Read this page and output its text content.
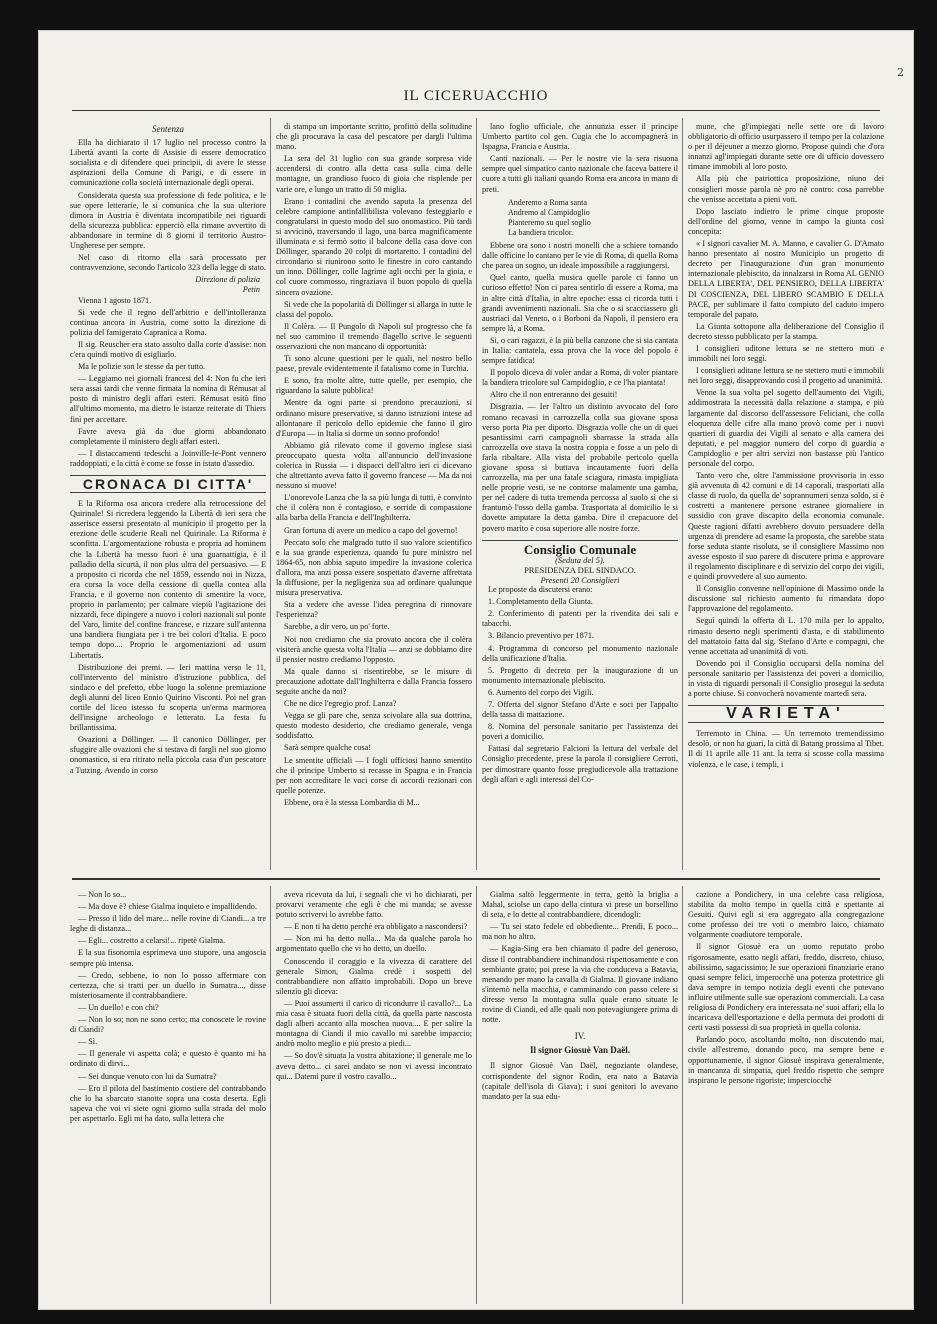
2
IL CICERUACCHIO
Sentenza

Ella ha dichiarato il 17 luglio nel processo contro la Libertà avanti la corte di Assisie di essere democratico socialista e di difendere quei principii, di avere le stesse aspirazioni della Comune di Parigi, e di essere in comunicazione colla società internazionale degli operai.

Considerata questa sua professione di fede politica, e le sue opere letterarie, le si comunica che la sua ulteriore dimora in Austria è diventata incompatibile nei riguardi della sicurezza pubblica: epperciò ella rimane avvertito di abbandonare in termine di 8 giorni il territorio Austro-Ungherese per sempre.

Nel caso di ritorno ella sarà processato per contravvenzione, secondo l'articolo 323 della legge di stato.

Direzione di polizia
Petin

Vienna 1 agosto 1871.

Si vede che il regno dell'arbitrio e dell'intolleranza continua ancora in Austria, come sotto la direzione di polizia del famigerato Capranica a Roma.

Il sig. Reuscher era stato assolto dalla corte d'assise: non c'era quindi motivo di esigliarlo.

Ma le polizie son le stesse da per tutto.

— Leggiamo nei giornali francesi del 4: Non fu che ieri sera assai tardi che venne firmata la nomina di Rémusat al posto di ministro degli affari esteri. Rémusat esitò fino all'ultimo momento, ma dietro le istanze reiterate di Thiers finì per accettare.

Favre aveva già da due giorni abbandonato completamente il ministero degli affari esteri.

— I distaccamenti tedeschi a Joinville-le-Pont vennero raddoppiati, e la città è come se fosse in istato d'assedio.

CRONACA DI CITTA'

E la Riforma osa ancora credere alla retrocessione del Quirinale! Si ricredera leggendo la Libertà di ieri sera che asserisce essersi presentato al municipio il progetto per la erezione delle scuderie Reali nel Quirinale. La Riforma è sconfitta. L'argomentazione robusta e propria ad hominem che la Libertà ha messo fuori è una guarnattigia, è il palladio della sicurtà, il non plus ultra del persuasivo. — E a proposito ci ricorda che nel 1859, essendo noi in Nizza, era corsa la voce della cessione di quella contea alla Francia, e il governo non contento di smentire la voce, proprio in parlamento; per calmare viepiù l'agitazione dei nizzardi, fece dipingere a nuovo i colori nazionali sul ponte del Varo, limite del confine francese, e rizzare sull'antenna una bandiera fiungiata per i tre bei colori d'Italia. E poco tempo dopo.... Proprio le argomentazioni ad usum Libertatis.

Distribuzione dei premi. — Ieri mattina verso le 11, coll'intervento del ministro d'istruzione pubblica, del sindaco e del prefetto, ebbe luogo la solenne premiazione degli alunni del liceo Ennio Quirino Visconti. Poi nel gran cortile del liceo istesso fu scoperta un'erma marmorea dell'insigne archeologo e letterato. La festa fu brillantissima.

Ovazioni a Döllinger. — Il canonico Döllinger, per sfuggire alle ovazioni che si testava di fargli nel suo giorno onomastico, si era ritirato nella piccola casa d'un pescatore a Tutzing. Avendo in corso

di stampa un importante scritto, profittò della solitudine che gli procurava la casa del pescatore per dargli l'ultima mano.

La sera del 31 luglio con sua grande sorpresa vide accendersi di contro alla detta casa sulla cima delle montagne, un grandioso fuoco di gioia che risplende per varie ore, e lungo un tratto di 50 miglia.

Erano i contadini che avendo saputa la presenza del celebre campione antinfallibilista volevano festeggiarlo e congratularsi in questo modo del suo onomastico. Più tardi si avvicinò, traversando il lago, una barca magnificamente illuminata e si fermò sotto il balcone della casa dove con Döllinger, sparando 20 colpi di mortaretto. I contadini del circondario si riunirono sotto le finestre in coro cantando un inno. Döllinger, colle lagrime agli occhi per la gioia, e col cuore commosso, ringraziava il buon popolo di quella sincera ovazione.

Si vede che la popolarità di Döllinger si allarga in tutte le classi del popolo.

Il Colèra. — Il Pungolo di Napoli sul progresso che fa nel suo cammino il tremendo flagello scrive le seguenti osservazioni che non mancano di opportunità:

Ti sono alcune questioni per le quali, nel nostro bello paese, prevale evidentemente il fatalismo come in Turchia.

E sono, fra molte altre, tutte quelle, per esempio, che riguardano la salute pubblica!

Mentre da ogni parte si prendono precauzioni, si ordinano misure preservative, si danno istruzioni intese ad allontanare il pericolo dello epidemie che fanno il giro d'Europa — in Italia si dorme un sonno profondo!

Abbiamo già rilevato come il governo inglese siasi preoccupato questa volta all'annuncio dell'invasione colerica in Russia — i dispacci dell'altro ieri ci dicevano che altrettanto aveva fatto il governo francese — Ma da noi nessuno si muove!

L'onorevole Lanza che la sa più lunga di tutti, è convinto che il colèra non è contagioso, e sorride di compassione alla barba della Francia e dell'Inghilterra.

Gran fortuna di avere un medico a capo del governo!

Peccato solo che malgrado tutto il suo valore scientifico e la sua grande esperienza, quando fu pure ministro nel 1864-65, non abbia saputo impedire la invasione colerica d'allora, ma anzi possa essere sospettato d'averne affrettata la diffusione, per la negligenza sua ad ordinare qualunque misura preservativa.

Sta a vedere che avesse l'idea peregrina di rinnovare l'esperienza?

Sarebbe, a dir vero, un po' forte.

Noi non crediamo che sia provato ancora che il colèra visiterà anche questa volta l'Italia — anzi se dobbiamo dire il pensier nostro crediamo l'opposto.

Ma quale danno si risentirebbe, se le misure di precauzione adottate dall'Inghilterra e dalla Francia fossero seguite anche da noi?

Che ne dice l'egregio prof. Lanza?

Vegga se gli pare che, senza scivolare alla sua dottrina, questo modesto desiderio, che crediamo generale, venga soddisfatto.

Sarà sempre qualche cosa!

Le smentite ufficiali — I fogli ufficiosi hanno smentito che il principe Umberto si recasse in Spagna e in Francia per non accreditare le voci corse di accordi rezionari con quelle potenze.

Ebbene, ora è la stessa Lombardia di M...

lano foglio ufficiale, che annunzia esser il principe Umberto partito col gen. Cugia che lo accompagnerà in Ispagna, Francia e Austria.

Canti nazionali. — Per le nostre vie la sera risuona sempre quel simpatico canto nazionale che faceva battere il cuore a tutti gli italiani quando Roma era ancora in mano di preti.

Anderemo a Roma santa
Andremo al Campidoglio
Pianteremo su quel soglio
La bandiera tricolor.

Ebbene ora sono i nostri monelli che a schiere tornando dalle officine lo cantano per le vie di Roma, di quella Roma che parea un sogno, un ideale impossibile a raggiungersi.

Quel canto, quella musica quelle parole ci fanno un curioso effetto! Non ci parea sentirlo di essere a Roma, ma in altre città d'Italia, in altre epoche: essa ci ricorda tutti i grandi avvenimenti nazionali. Sia che o si scacciassero gli austriaci dal Veneto, o i Borboni da Napoli, il pensiero era sempre là, a Roma.

Si, o cari ragazzi, è la più bella canzone che si sia cantata in Italia: cantatela, essa prova che la voce del popolo è sempre fatidica!

Il popolo diceva di voler andar a Roma, di voler piantare la bandiera tricolore sul Campidoglio, e ce l'ha piantata!

Altro che il non entreranno dei gesuiti!

Disgrazia. — Ier l'altro un distinto avvocato del foro romano recavasi in carrozzella colla sua giovane sposa verso porta Pia per diporto. Disgrazia volle che un di quei pesantissimi carri campagnoli sbarrasse la strada alla carrozzella ove stava la nostra coppia e fosse a un pelo di farla ribaltare. Alla vista del probabile pericolo quella giovane sposa si buttava incautamente fuori della carrozzella, ma per una fatale sciagura, rimasta impigliata nelle proprie vesti, se ne contorse malamente una gamba, per nel cadere di tutta tremenda percossa al suolo sì che si frantumò l'osso della gamba. Trasportata al domicilio le si dovette amputare la detta gamba. Dire il crepacuore del povero marito è cosa superiore alle nostre forze.

Consiglio Comunale
(Seduta del 5).
PRESIDENZA DEL SINDACO.
Presenti 20 Consiglieri

Le proposte da discutersi erano:

1. Completamento della Giunta.

2. Conferimento di patenti per la rivendita dei sali e tabacchi.

3. Bilancio preventivo per 1871.

4. Programma di concorso pel monumento nazionale della unificazione d'Italia.

5. Progetto di decreto per la inaugurazione di un monumento internazionale plebiscito.

6. Aumento del corpo dei Vigili.

7. Offerta del signor Stefano d'Arte e soci per l'appalto della tassa di mattazione.

8. Nomina del personale sanitario per l'assistenza dei poveri a domicilio.

Fattasi dal segretario Falcioni la lettura del verbale del Consiglio precedente, prese la parola il consigliere Cerroti, per dimostrare quanto fosse pregiudicevole alla trattazione degli affari e agli interessi del Co-

mune, che gl'impiegati nelle sette ore di lavoro obbligatorio di officio usurpassero il tempo per la colazione o per il déjeuner a mezzo giorno. Propose quindi che d'ora innanzi agl'impiegati durante sette ore di ufficio dovessero rimane immobili al loro posto.

Alla più che patriottica proposizione, niuno dei consiglieri mosse parola nè pro nè contro: cosa parrebbe che venisse accettata a pieni voti.

Dopo lasciato indietro le prime cinque proposte dell'ordine del giorno, venne in campo la giunta così concepita:

« I signori cavalier M. A. Manno, e cavalier G. D'Amato hanno presentato al nostro Municipio un progetto di decreto per l'inaugurazione d'un gran monumento internazionale plebiscito, da innalzarsi in Roma AL GENIO DELLA LIBERTA', DEL PENSIERO, DELLA LIBERTA' DI COSCIENZA, DEL LIBERO SCAMBIO E DELLA PACE, per sublimare il fatto compiuto del caduto impero temporale del papato.

La Giunta sottopone alla deliberazione del Consiglio il decreto stesso pubblicato per la stampa.

I consiglieri uditone lettura se ne stettero muti e immobili nei loro seggi.

I consiglieri aditane lettura se ne stettero muti e immobili nei loro seggi, disapprovando così il progetto ad unanimità.

Venne la sua volta pel sogetto dell'aumento dei Vigili, addimostrata la necessità dalla relazione a stampa, e più largamente dal discorso dell'assessore Feliciani, che colla eloquenza delle cifre alla mano provò come per i nuovi quartieri di guardia dei Vigili al senato e alla camera dei deputati, e pel maggior numero del corpo di guardia a Campidoglio e per altri servizi non bastasse più l'antico personale del corpo.

Tanto vero che, oltre l'ammissione provvisoria in esso già avvenuta di 42 comuni e di 14 caporali, trasportati alla classe di ruolo, da quella de' soprannumeri senza soldo, si è costretti a mantenere persone estranee giornaliere in sussidio con grave discapito della economia comunale. Queste ragioni difatti avrebbero dovuto persuadere della urgenza di prendere ad esame la proposta, che sarebbe stata forse seduta stante risoluta, se il consigliere Massimo non avesse esposto il suo parere di discutere prima e approvare il regolamento disciplinare e di servizio del corpo dei vigili, e quindi provvedere al suo aumento.

Il Consiglio convenne nell'opinione di Massimo onde la discussione sul richiesto aumento fu rimandata dopo l'approvazione del regolamento.

Seguì quindi la offerta di L. 170 mila per lo appalto, rimasto deserto negli sperimenti d'asta, e di stabilimento del mattatoio fatta dal sig. Stefano d'Arte e compagni, che venne accettata ad unanimità di voti.

Dovendo poi il Consiglio occuparsi della nomina del personale sanitario per l'assistenza dei poveri a domicilio, in vista di riguardi personali il Consiglio prosegui la seduta a porte chiuse. Si convocherà novamente martedì sera.

VARIETA'

Terremoto in China. — Un terremoto tremendissimo desolò, or non ha guari, la città di Batang prossima al Tibet. Il di 11 aprile alle 11 ant. la terra si scosse colla massima violenza, e le case, i templi, i

— Non lo so...

— Ma dove è? chiese Gialma inquieto e impallidendo.

— Presso il lido del mare... nelle rovine di Ciandi... a tre leghe di distanza...

— Egli... costretto a celarsi!... ripetè Gialma.

E la sua fisonomia esprimeva uno stupore, una angoscia sempre più intensa.

— Credo, sebbene, io non lo posso affermare con certezza, che si tratti per un duello in Sumatra..., disse misteriosamente il contrabbandiere.

— Un duello! e con chi?

— Non lo so; non ne sono certo; ma conoscete le rovine di Ciandi?

— Sì.

— Il generale vi aspetta colà; e questo è quanto mi ha ordinato di dirvi...

— Sei dunque venuto con lui da Sumatra?

— Ero il pilota del bastimento costiere del contrabbando che lo ha sbarcato stanotte sopra una costa deserta. Egli sapeva che voi vi siete ogni giorno sulla strada del molo per aspettarlo. Egli mi ha dato, sulla lettera che

aveva ricevuta da lui, i segnali che vi ho dichiarati, per provarvi veramente che egli è che mi manda; se avesse potuto scrivervi lo avrebbe fatto.

— E non ti ha detto perchè era obbligato a nascondersi?

— Non mi ha detto nulla... Ma da qualche parola ho argomentato quello che vi ho detto, un duello.

Conoscendo il coraggio e la vivezza di carattere del generale Simon, Gialma credè i sospetti del contrabbandiere non affatto improbabili. Dopo un breve silenzio gli diceva:

— Puoi assumerti il carico di ricondurre il cavallo?... La mia casa è situata fuori della città, da quella parte nascosta dagli alberi accanto alla moschea nuova.... E per salire la montagna di Ciandi il mio cavallo mi sarebbe impaccio; andrò molto meglio e più presto a piedi...

— So dov'è situata la vostra abitazione; il generale me lo aveva detto... ci sarei andato se non vi avessi incontrato qui... Datemi pure il vostro cavallo...

Gialma saltò leggermente in terra, gettò la briglia a Mahal, sciolse un capo della cintura vi prese un borsellino di seta, e lo dette al contrabbandiere, dicendogli:

— Tu sei stato fedele ed obbediente... Prendi, E poco... ma non ho altro.

— Kagia-Sing era ben chiamato il padre del generoso, disse il contrabbandiere inchinandosi rispettosamente e con sembiante grato; poi prese la via che conduceva a Batavia, menando per mano la cavalla di Gialma. Il giovane indiano s'internò nella macchia, e camminando con passo celere si diresse verso la montagna sulla quale erano situate le rovine di Ciandi, ed alle quali non potevagiungere prima di notte.

IV.
Il signor Giosuè Van Daël.

Il signor Giosuè Van Daël, negoziante olandese, corrispondente del signor Rodin, era nato a Batavia (capitale dell'isola di Giava); i suoi genitori lo avevano mandato per la sua edu-

cazione a Pondichery, in una celebre casa religiosa, stabilita da molto tempo in quella città e spettante ai Gesuiti. Quivi egli si era aggregato alla congregazione come professo dei tre voti o membro laico, chiamato volgarmente coadiutore temporale.

Il signor Giosuè era un uomo reputato probo rigorosamente, esatto negli affari, freddo, discreto, chiuso, abilissimo, sagacissimo; le sue operazioni finanziarie erano quasi sempre felici, imperocchè una potenza protettrice gli dava sempre in tempo notizia degli eventi che potevano influire utilmente sulle sue operazioni commerciali. La casa religiosa di Pondichery era interessata ne' suoi affari; ella lo incaricava dell'esportazione e della permuta dei prodotti di certi vasti possessi di sua proprietà in quella colonia.

Parlando poco, ascoltando molto, non discutendo mai, civile all'estremo, donando poco, ma sempre bene e opportunamente, il signor Giosuè inspirava generalmente, in mancanza di simpatia, quel freddo rispetto che sempre inspirano le persone rigoriste; imperciocchè
